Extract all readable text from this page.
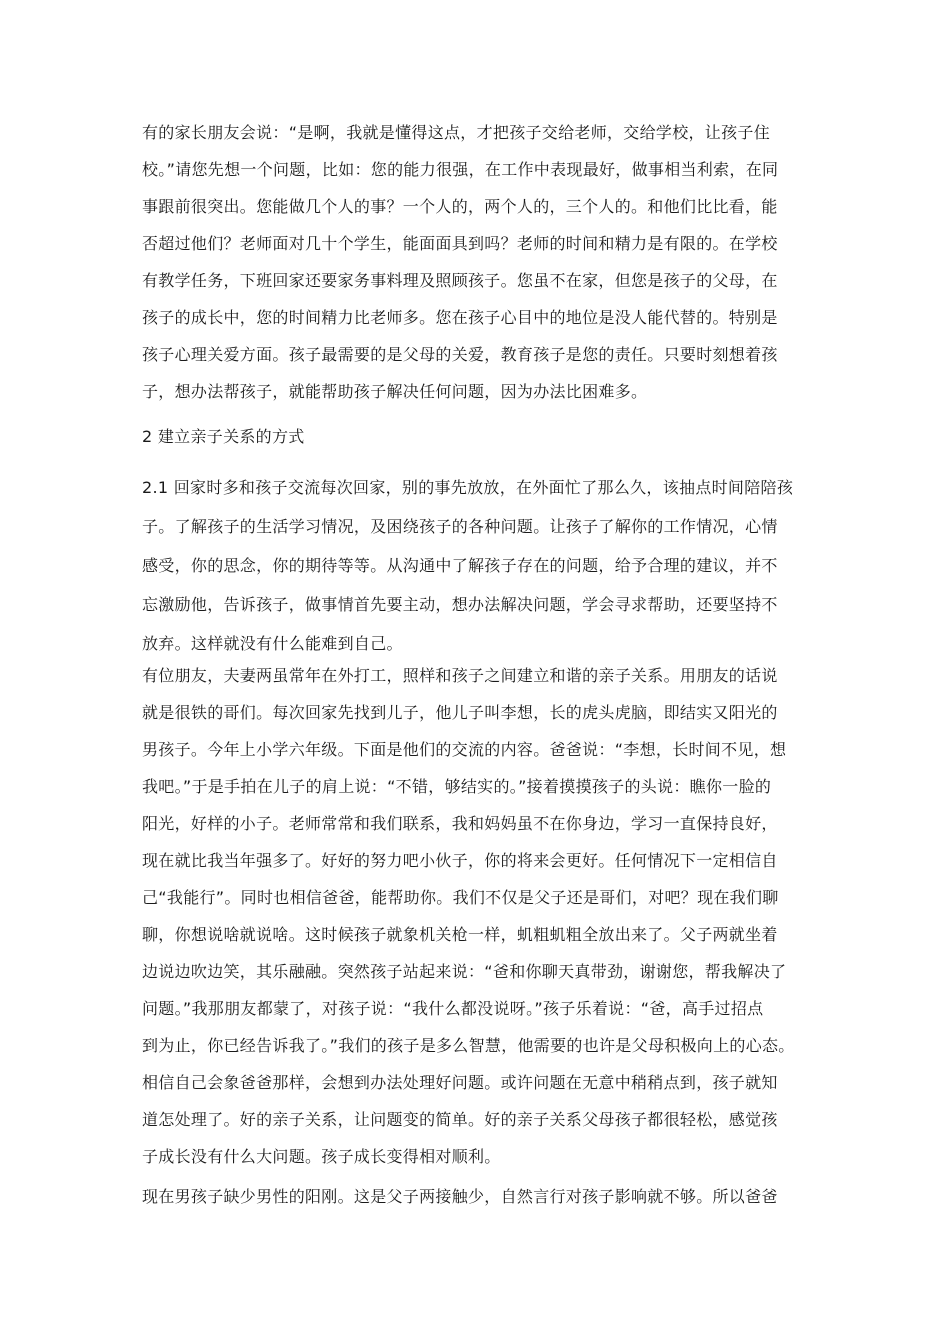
有的家长朋友会说：“是啊，我就是懂得这点，才把孩子交给老师，交给学校，让孩子住

校。”请您先想一个问题，比如：您的能力很强，在工作中表现最好，做事相当利索，在同

事跟前很突出。您能做几个人的事？一个人的，两个人的，三个人的。和他们比比看，能

否超过他们？老师面对几十个学生，能面面具到吗？老师的时间和精力是有限的。在学校

有教学任务，下班回家还要家务事料理及照顾孩子。您虽不在家，但您是孩子的父母，在

孩子的成长中，您的时间精力比老师多。您在孩子心目中的地位是没人能代替的。特别是

孩子心理关爱方面。孩子最需要的是父母的关爱，教育孩子是您的责任。只要时刻想着孩

子，想办法帮孩子，就能帮助孩子解决任何问题，因为办法比困难多。

2 建立亲子关系的方式

2.1 回家时多和孩子交流每次回家，别的事先放放，在外面忙了那么久，该抽点时间陪陪孩

子。了解孩子的生活学习情况，及困绕孩子的各种问题。让孩子了解你的工作情况，心情

感受，你的思念，你的期待等等。从沟通中了解孩子存在的问题，给予合理的建议，并不

忘激励他，告诉孩子，做事情首先要主动，想办法解决问题，学会寻求帮助，还要坚持不

放弃。这样就没有什么能难到自己。

有位朋友，夫妻两虽常年在外打工，照样和孩子之间建立和谐的亲子关系。用朋友的话说

就是很铁的哥们。每次回家先找到儿子，他儿子叫李想，长的虎头虎脑，即结实又阳光的

男孩子。今年上小学六年级。下面是他们的交流的内容。爸爸说：“李想，长时间不见，想

我吧。”于是手拍在儿子的肩上说：“不错，够结实的。”接着摸摸孩子的头说：瞧你一脸的

阳光，好样的小子。老师常常和我们联系，我和妈妈虽不在你身边，学习一直保持良好，

现在就比我当年强多了。好好的努力吧小伙子，你的将来会更好。任何情况下一定相信自

己“我能行”。同时也相信爸爸，能帮助你。我们不仅是父子还是哥们，对吧？现在我们聊

聊，你想说啥就说啥。这时候孩子就象机关枪一样，虮粗虮粗全放出来了。父子两就坐着

边说边吹边笑，其乐融融。突然孩子站起来说：“爸和你聊天真带劲，谢谢您，帮我解决了

问题。”我那朋友都蒙了，对孩子说：“我什么都没说呀。”孩子乐着说：“爸，高手过招点

到为止，你已经告诉我了。”我们的孩子是多么智慧，他需要的也许是父母积极向上的心态。

相信自己会象爸爸那样，会想到办法处理好问题。或许问题在无意中稍稍点到，孩子就知

道怎处理了。好的亲子关系，让问题变的简单。好的亲子关系父母孩子都很轻松，感觉孩

子成长没有什么大问题。孩子成长变得相对顺利。

现在男孩子缺少男性的阳刚。这是父子两接触少，自然言行对孩子影响就不够。所以爸爸
